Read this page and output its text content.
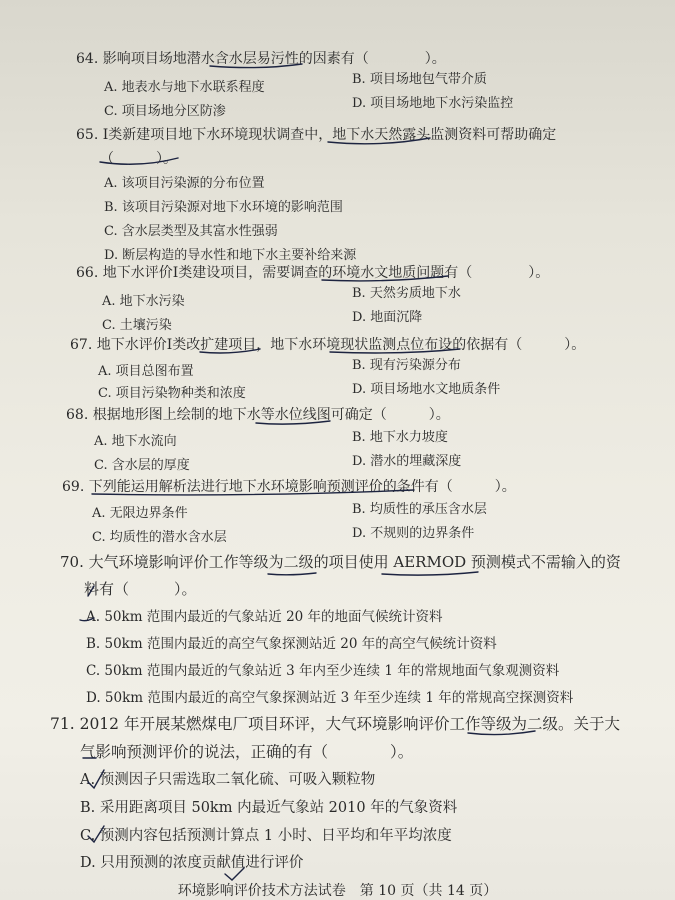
64. 影响项目场地潜水含水层易污性的因素有（　　　　）。
A. 地表水与地下水联系程度
B. 项目场地包气带介质
C. 项目场地分区防渗
D. 项目场地地下水污染监控
65. Ⅰ类新建项目地下水环境现状调查中，地下水天然露头监测资料可帮助确定
（　　　）。
A. 该项目污染源的分布位置
B. 该项目污染源对地下水环境的影响范围
C. 含水层类型及其富水性强弱
D. 断层构造的导水性和地下水主要补给来源
66. 地下水评价Ⅰ类建设项目，需要调查的环境水文地质问题有（　　　　）。
A. 地下水污染
B. 天然劣质地下水
C. 土壤污染
D. 地面沉降
67. 地下水评价Ⅰ类改扩建项目，地下水环境现状监测点位布设的依据有（　　　）。
A. 项目总图布置	B. 现有污染源分布
C. 项目污染物种类和浓度	D. 项目场地水文地质条件
68. 根据地形图上绘制的地下水等水位线图可确定（　　　）。
A. 地下水流向	B. 地下水力坡度
C. 含水层的厚度	D. 潜水的埋藏深度
69. 下列能运用解析法进行地下水环境影响预测评价的条件有（　　　）。
A. 无限边界条件	B. 均质性的承压含水层
C. 均质性的潜水含水层	D. 不规则的边界条件
70. 大气环境影响评价工作等级为二级的项目使用 AERMOD 预测模式不需输入的资
料有（　　　）。
A. 50km 范围内最近的气象站近 20 年的地面气候统计资料
B. 50km 范围内最近的高空气象探测站近 20 年的高空气候统计资料
C. 50km 范围内最近的气象站近 3 年内至少连续 1 年的常规地面气象观测资料
D. 50km 范围内最近的高空气象探测站近 3 年至少连续 1 年的常规高空探测资料
71. 2012 年开展某燃煤电厂项目环评，大气环境影响评价工作等级为二级。关于大
气影响预测评价的说法，正确的有（　　　　）。
A. 预测因子只需选取二氧化硫、可吸入颗粒物
B. 采用距离项目 50km 内最近气象站 2010 年的气象资料
C. 预测内容包括预测计算点 1 小时、日平均和年平均浓度
D. 只用预测的浓度贡献值进行评价
环境影响评价技术方法试卷　第 10 页（共 14 页）
